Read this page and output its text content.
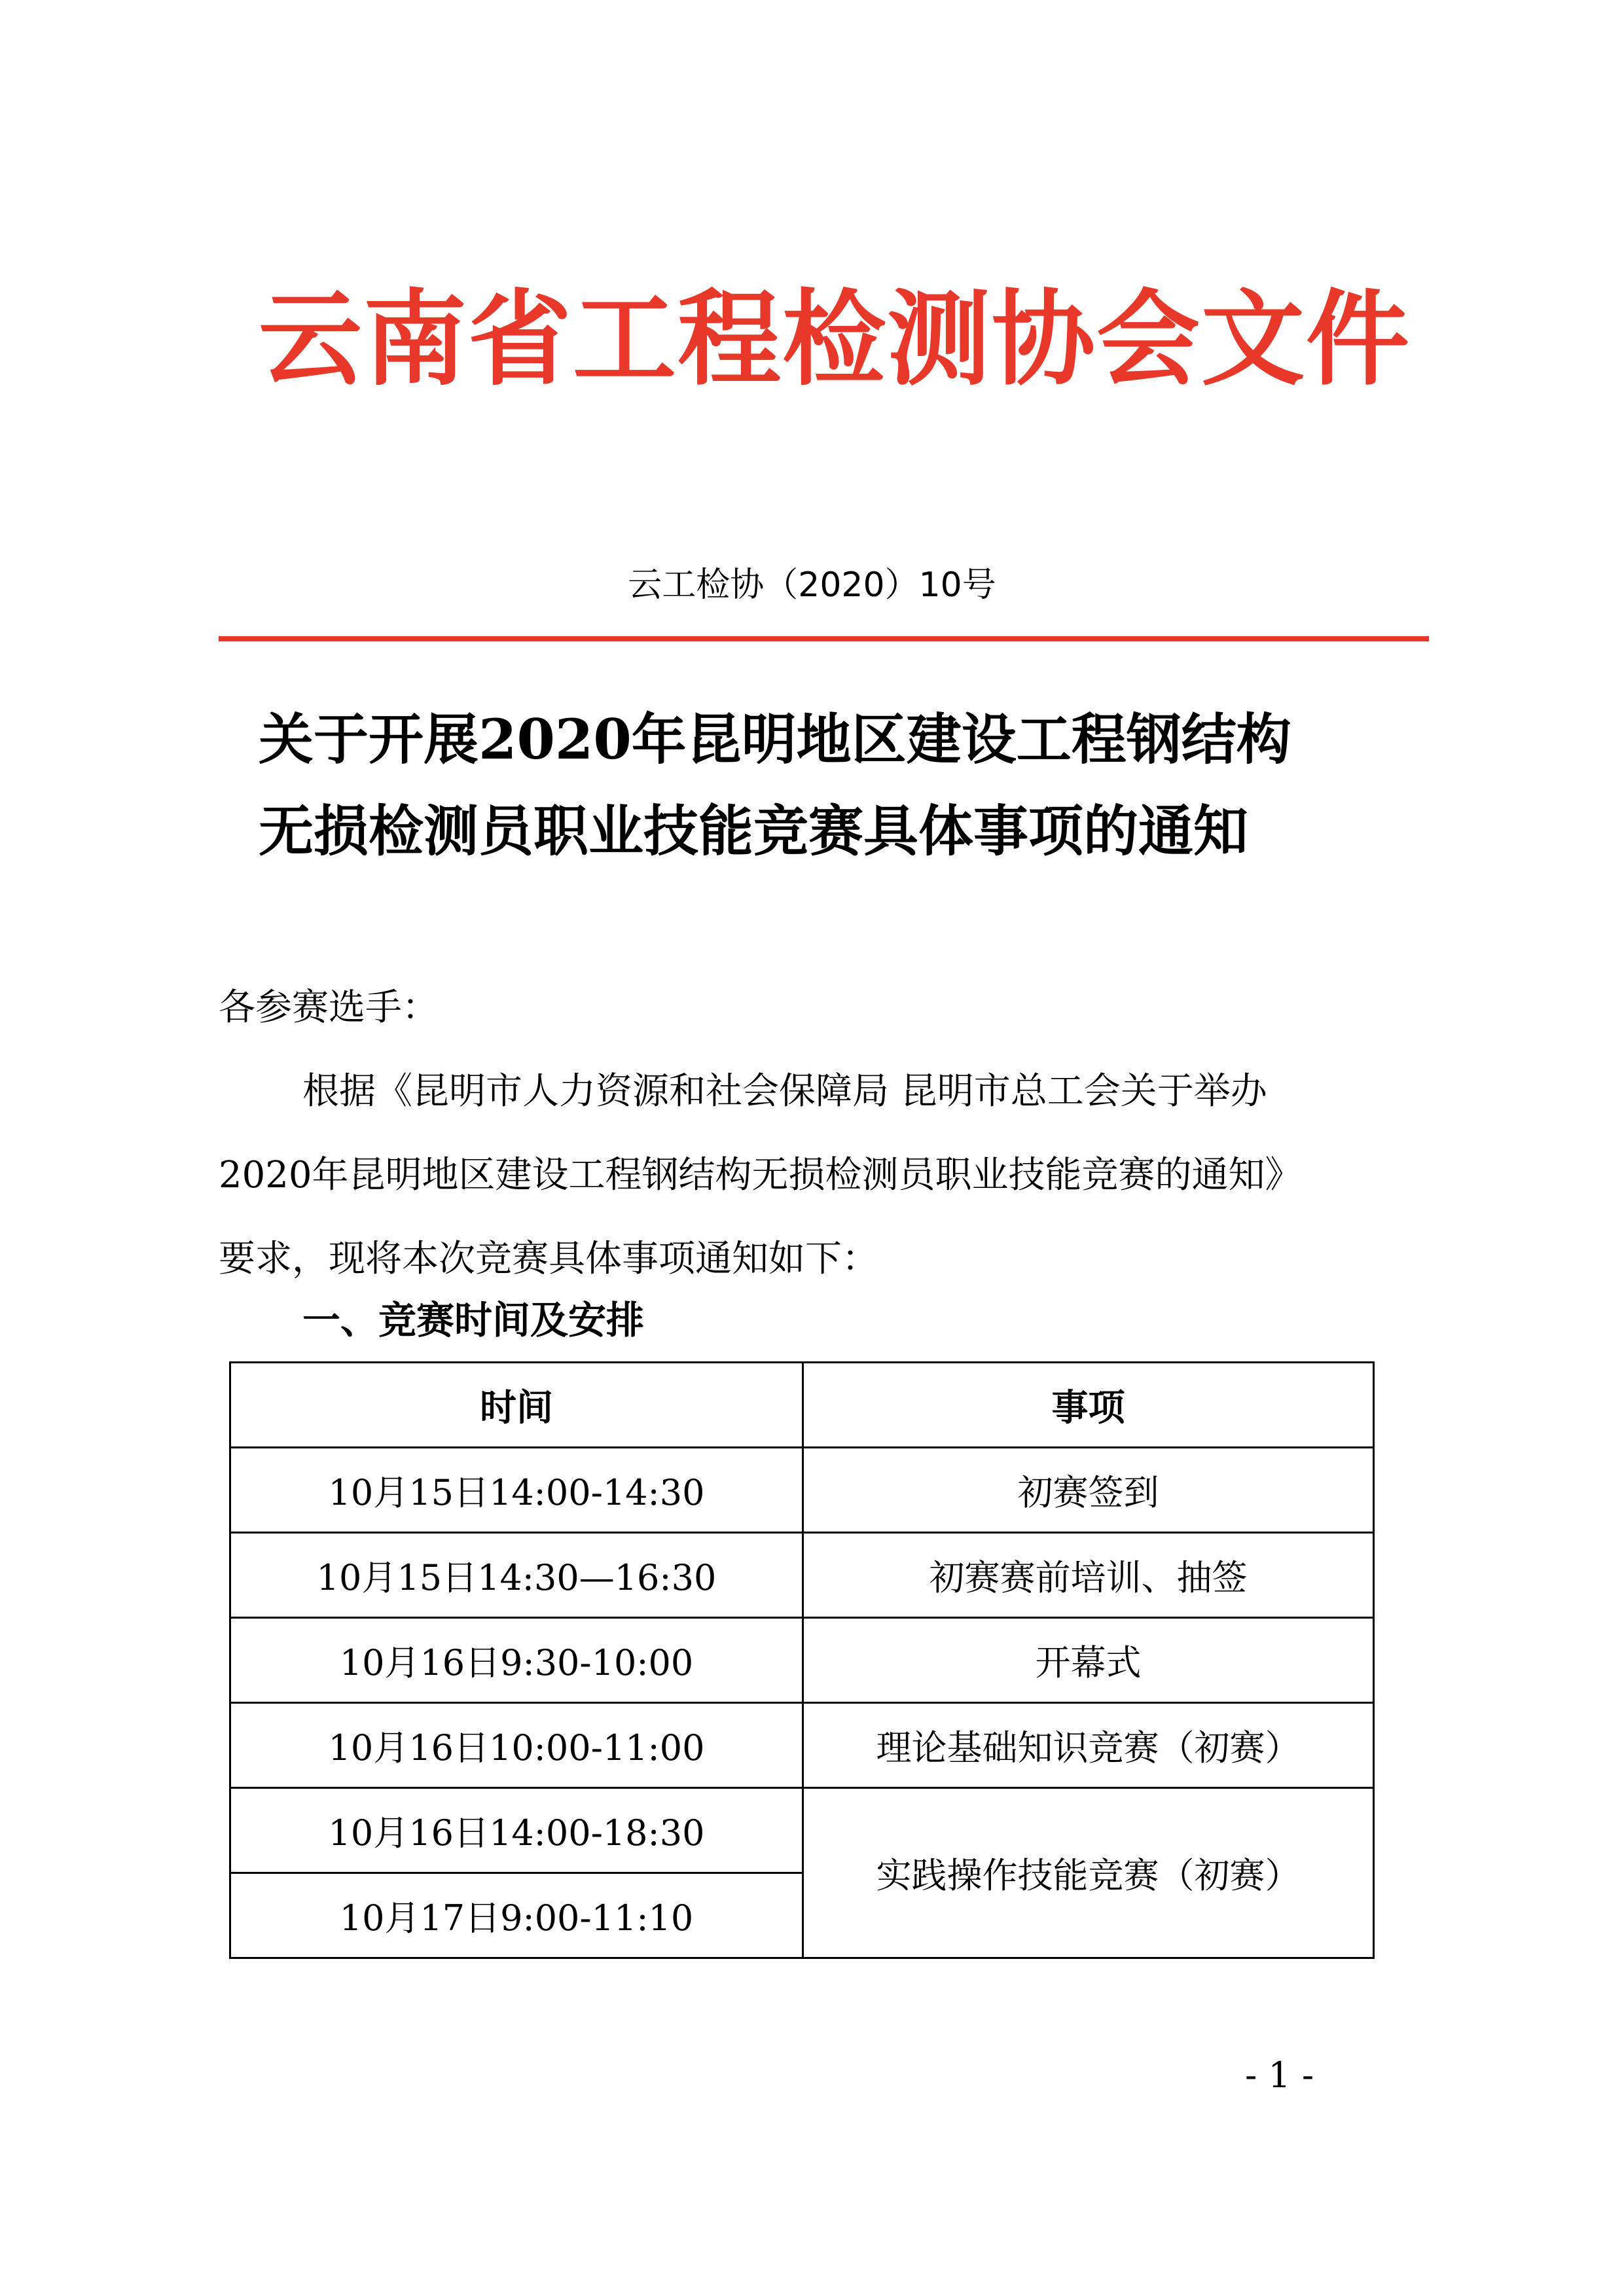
云南省工程检测协会文件
云工检协（2020）10号
关于开展2020年昆明地区建设工程钢结构
无损检测员职业技能竞赛具体事项的通知
各参赛选手：
根据《昆明市人力资源和社会保障局 昆明市总工会关于举办
2020年昆明地区建设工程钢结构无损检测员职业技能竞赛的通知》
要求，现将本次竞赛具体事项通知如下：
一、竞赛时间及安排
时间	事项
10月15日14:00-14:30	初赛签到
10月15日14:30—16:30	初赛赛前培训、抽签
10月16日9:30-10:00	开幕式
10月16日10:00-11:00	理论基础知识竞赛（初赛）
10月16日14:00-18:30	实践操作技能竞赛（初赛）
10月17日9:00-11:10	
- 1 -
